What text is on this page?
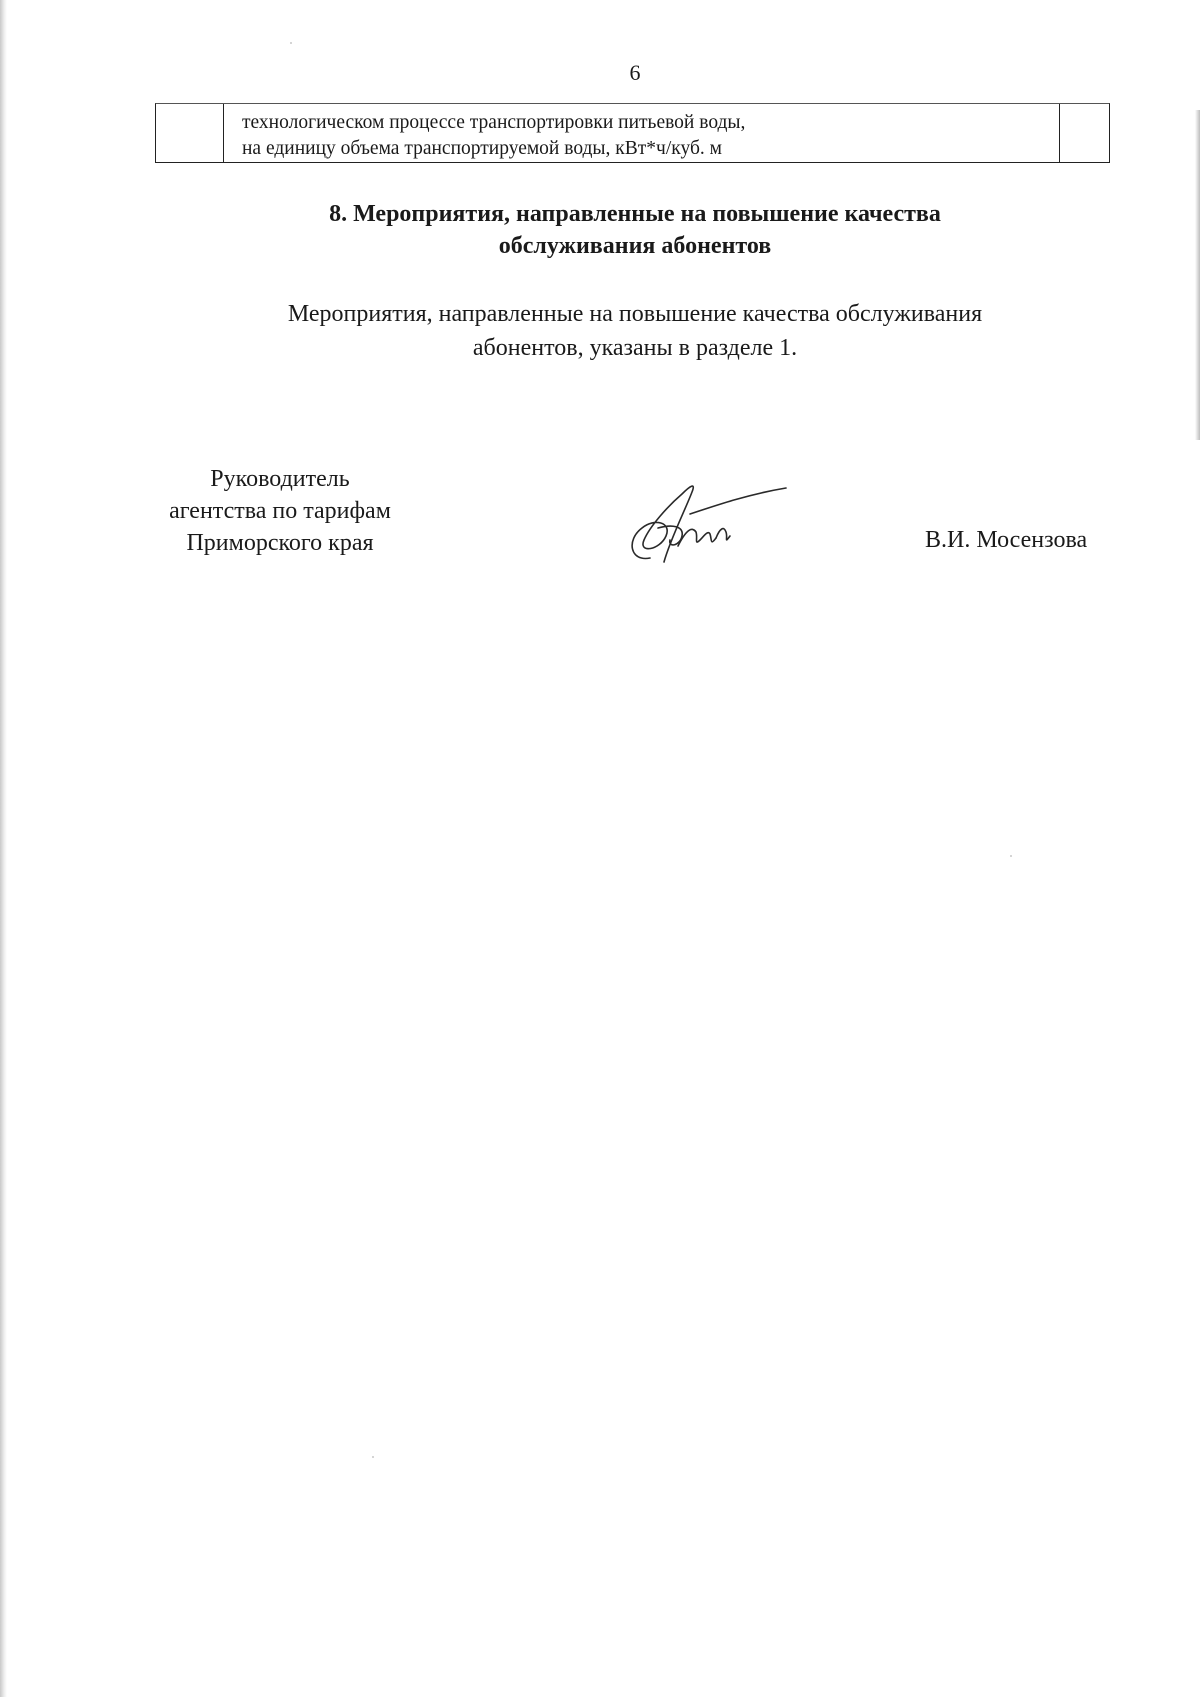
6
технологическом процессе транспортировки питьевой воды,
на единицу объема транспортируемой воды, кВт*ч/куб. м
8. Мероприятия, направленные на повышение качества
обслуживания абонентов
Мероприятия, направленные на повышение качества обслуживания
абонентов, указаны в разделе 1.
Руководитель
агентства по тарифам
Приморского края	В.И. Мосензова
